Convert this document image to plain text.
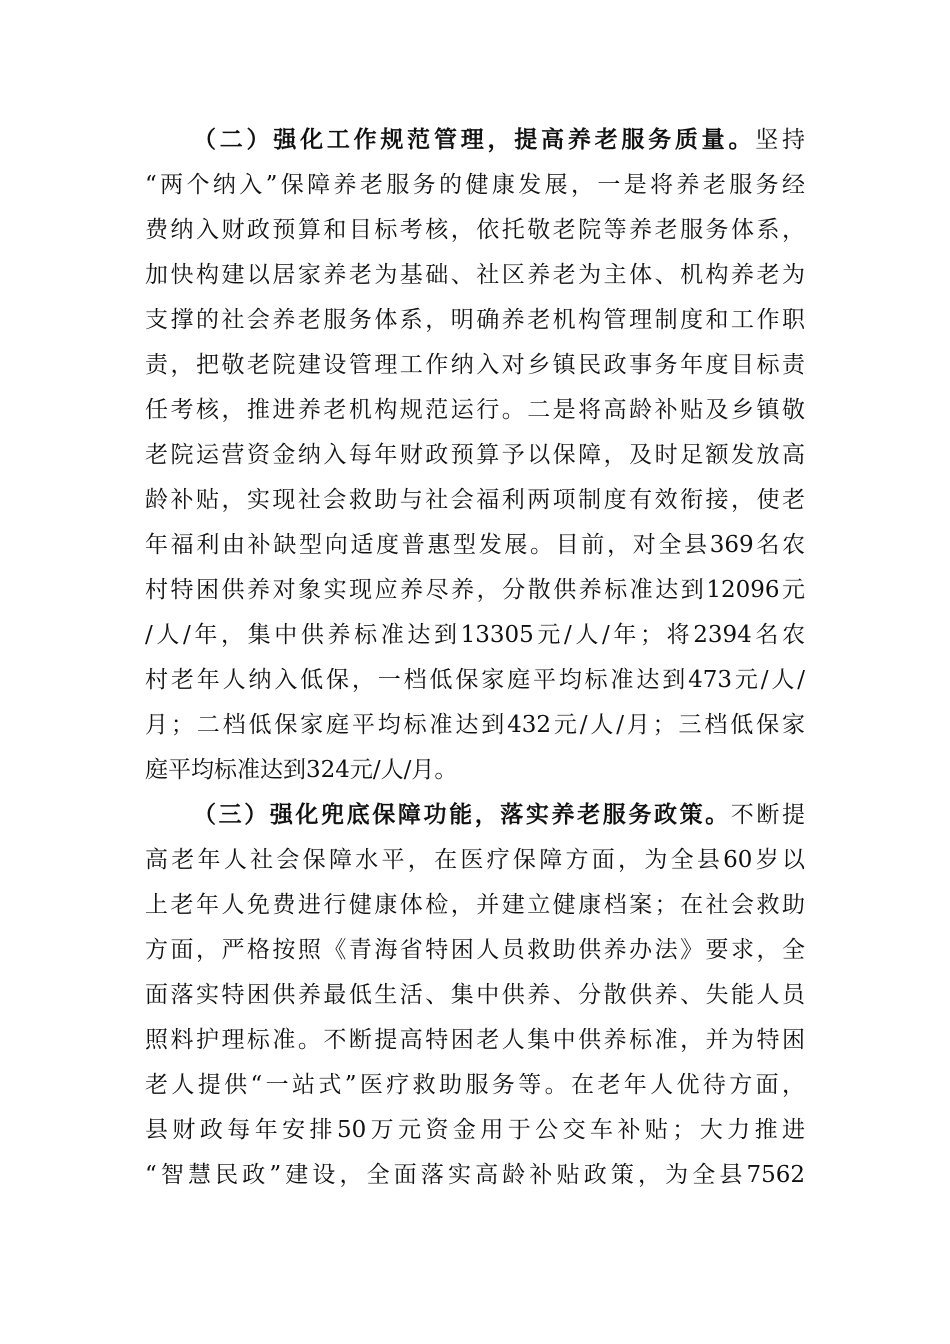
（二）强化工作规范管理，提高养老服务质量。坚持
“两个纳入”保障养老服务的健康发展，一是将养老服务经
费纳入财政预算和目标考核，依托敬老院等养老服务体系，
加快构建以居家养老为基础、社区养老为主体、机构养老为
支撑的社会养老服务体系，明确养老机构管理制度和工作职
责，把敬老院建设管理工作纳入对乡镇民政事务年度目标责
任考核，推进养老机构规范运行。二是将高龄补贴及乡镇敬
老院运营资金纳入每年财政预算予以保障，及时足额发放高
龄补贴，实现社会救助与社会福利两项制度有效衔接，使老
年福利由补缺型向适度普惠型发展。目前，对全县369名农
村特困供养对象实现应养尽养，分散供养标准达到12096元
/人/年，集中供养标准达到13305元/人/年；将2394名农
村老年人纳入低保，一档低保家庭平均标准达到473元/人/
月；二档低保家庭平均标准达到432元/人/月；三档低保家
庭平均标准达到324元/人/月。
（三）强化兜底保障功能，落实养老服务政策。不断提
高老年人社会保障水平，在医疗保障方面，为全县60岁以
上老年人免费进行健康体检，并建立健康档案；在社会救助
方面，严格按照《青海省特困人员救助供养办法》要求，全
面落实特困供养最低生活、集中供养、分散供养、失能人员
照料护理标准。不断提高特困老人集中供养标准，并为特困
老人提供“一站式”医疗救助服务等。在老年人优待方面，
县财政每年安排50万元资金用于公交车补贴；大力推进
“智慧民政”建设，全面落实高龄补贴政策，为全县7562
